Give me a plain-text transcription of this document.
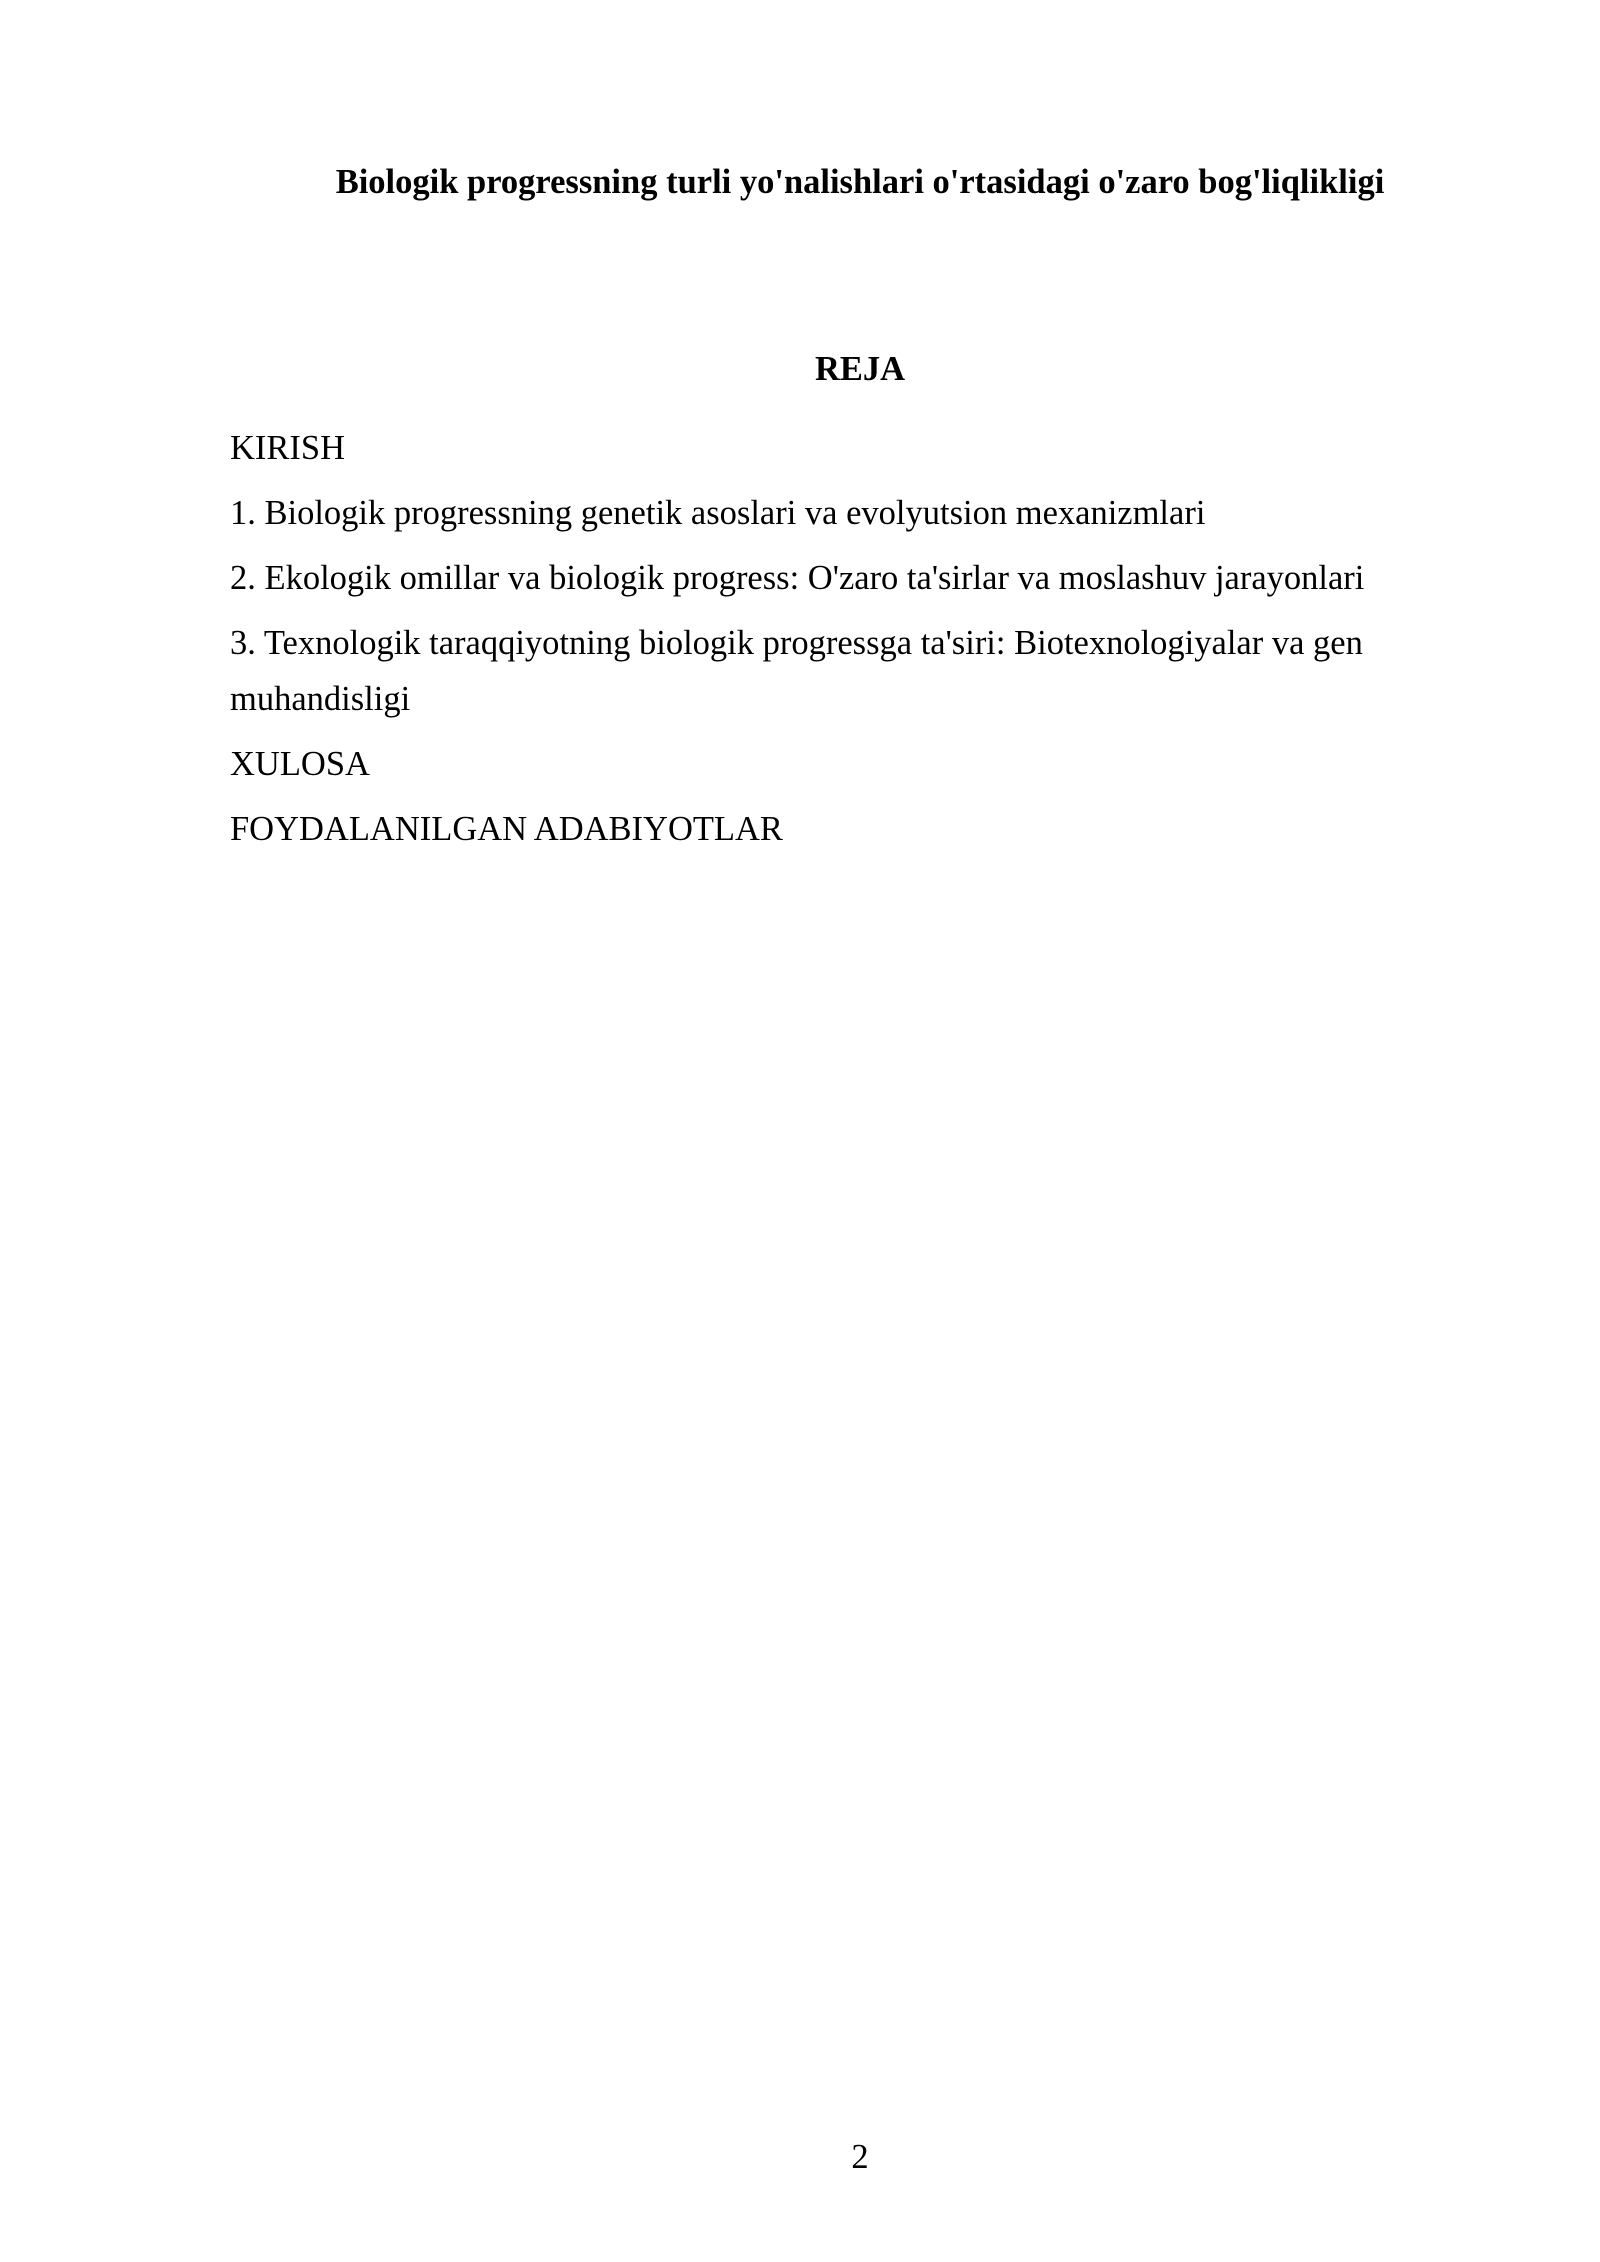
Biologik progressning turli yo'nalishlari o'rtasidagi o'zaro bog'liqlikligi
REJA
KIRISH
1. Biologik progressning genetik asoslari va evolyutsion mexanizmlari
2. Ekologik omillar va biologik progress: O'zaro ta'sirlar va moslashuv jarayonlari
3. Texnologik taraqqiyotning biologik progressga ta'siri: Biotexnologiyalar va gen
muhandisligi
XULOSA
FOYDALANILGAN ADABIYOTLAR
2
